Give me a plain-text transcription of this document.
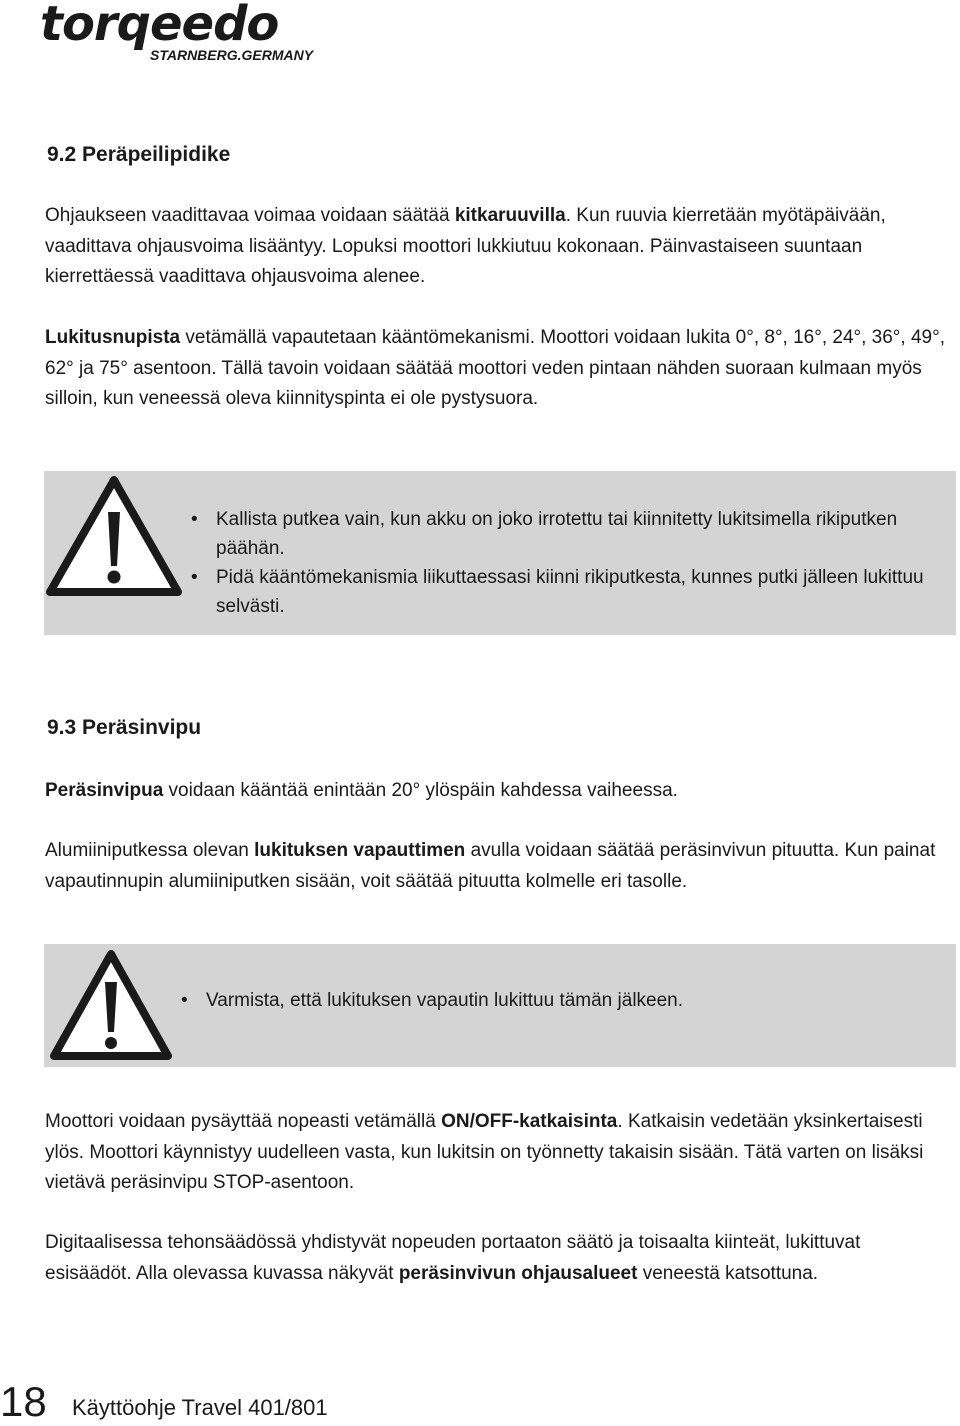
torqeedo
STARNBERG.GERMANY
9.2 Peräpeilipidike

Ohjaukseen vaadittavaa voimaa voidaan säätää kitkaruuvilla. Kun ruuvia kierretään myötäpäivään, vaadittava ohjausvoima lisääntyy. Lopuksi moottori lukkiutuu kokonaan. Päinvastaiseen suuntaan kierrettäessä vaadittava ohjausvoima alenee.

Lukitusnupista vetämällä vapautetaan kääntömekanismi. Moottori voidaan lukita 0°, 8°, 16°, 24°, 36°, 49°, 62° ja 75° asentoon. Tällä tavoin voidaan säätää moottori veden pintaan nähden suoraan kulmaan myös silloin, kun veneessä oleva kiinnityspinta ei ole pystysuora.

• Kallista putkea vain, kun akku on joko irrotettu tai kiinnitetty lukitsimella rikiputken päähän.
• Pidä kääntömekanismia liikuttaessasi kiinni rikiputkesta, kunnes putki jälleen lukittuu selvästi.
9.3 Peräsinvipu

Peräsinvipua voidaan kääntää enintään 20° ylöspäin kahdessa vaiheessa.

Alumiiniputkessa olevan lukituksen vapauttimen avulla voidaan säätää peräsinvivun pituutta. Kun painat vapautinnupin alumiiniputken sisään, voit säätää pituutta kolmelle eri tasolle.

• Varmista, että lukituksen vapautin lukittuu tämän jälkeen.

Moottori voidaan pysäyttää nopeasti vetämällä ON/OFF-katkaisinta. Katkaisin vedetään yksinkertaisesti ylös. Moottori käynnistyy uudelleen vasta, kun lukitsin on työnnetty takaisin sisään. Tätä varten on lisäksi vietävä peräsinvipu STOP-asentoon.

Digitaalisessa tehonsäädössä yhdistyvät nopeuden portaaton säätö ja toisaalta kiinteät, lukittuvat esisäädöt. Alla olevassa kuvassa näkyvät peräsinvivun ohjausalueet veneestä katsottuna.

18 Käyttöohje Travel 401/801
